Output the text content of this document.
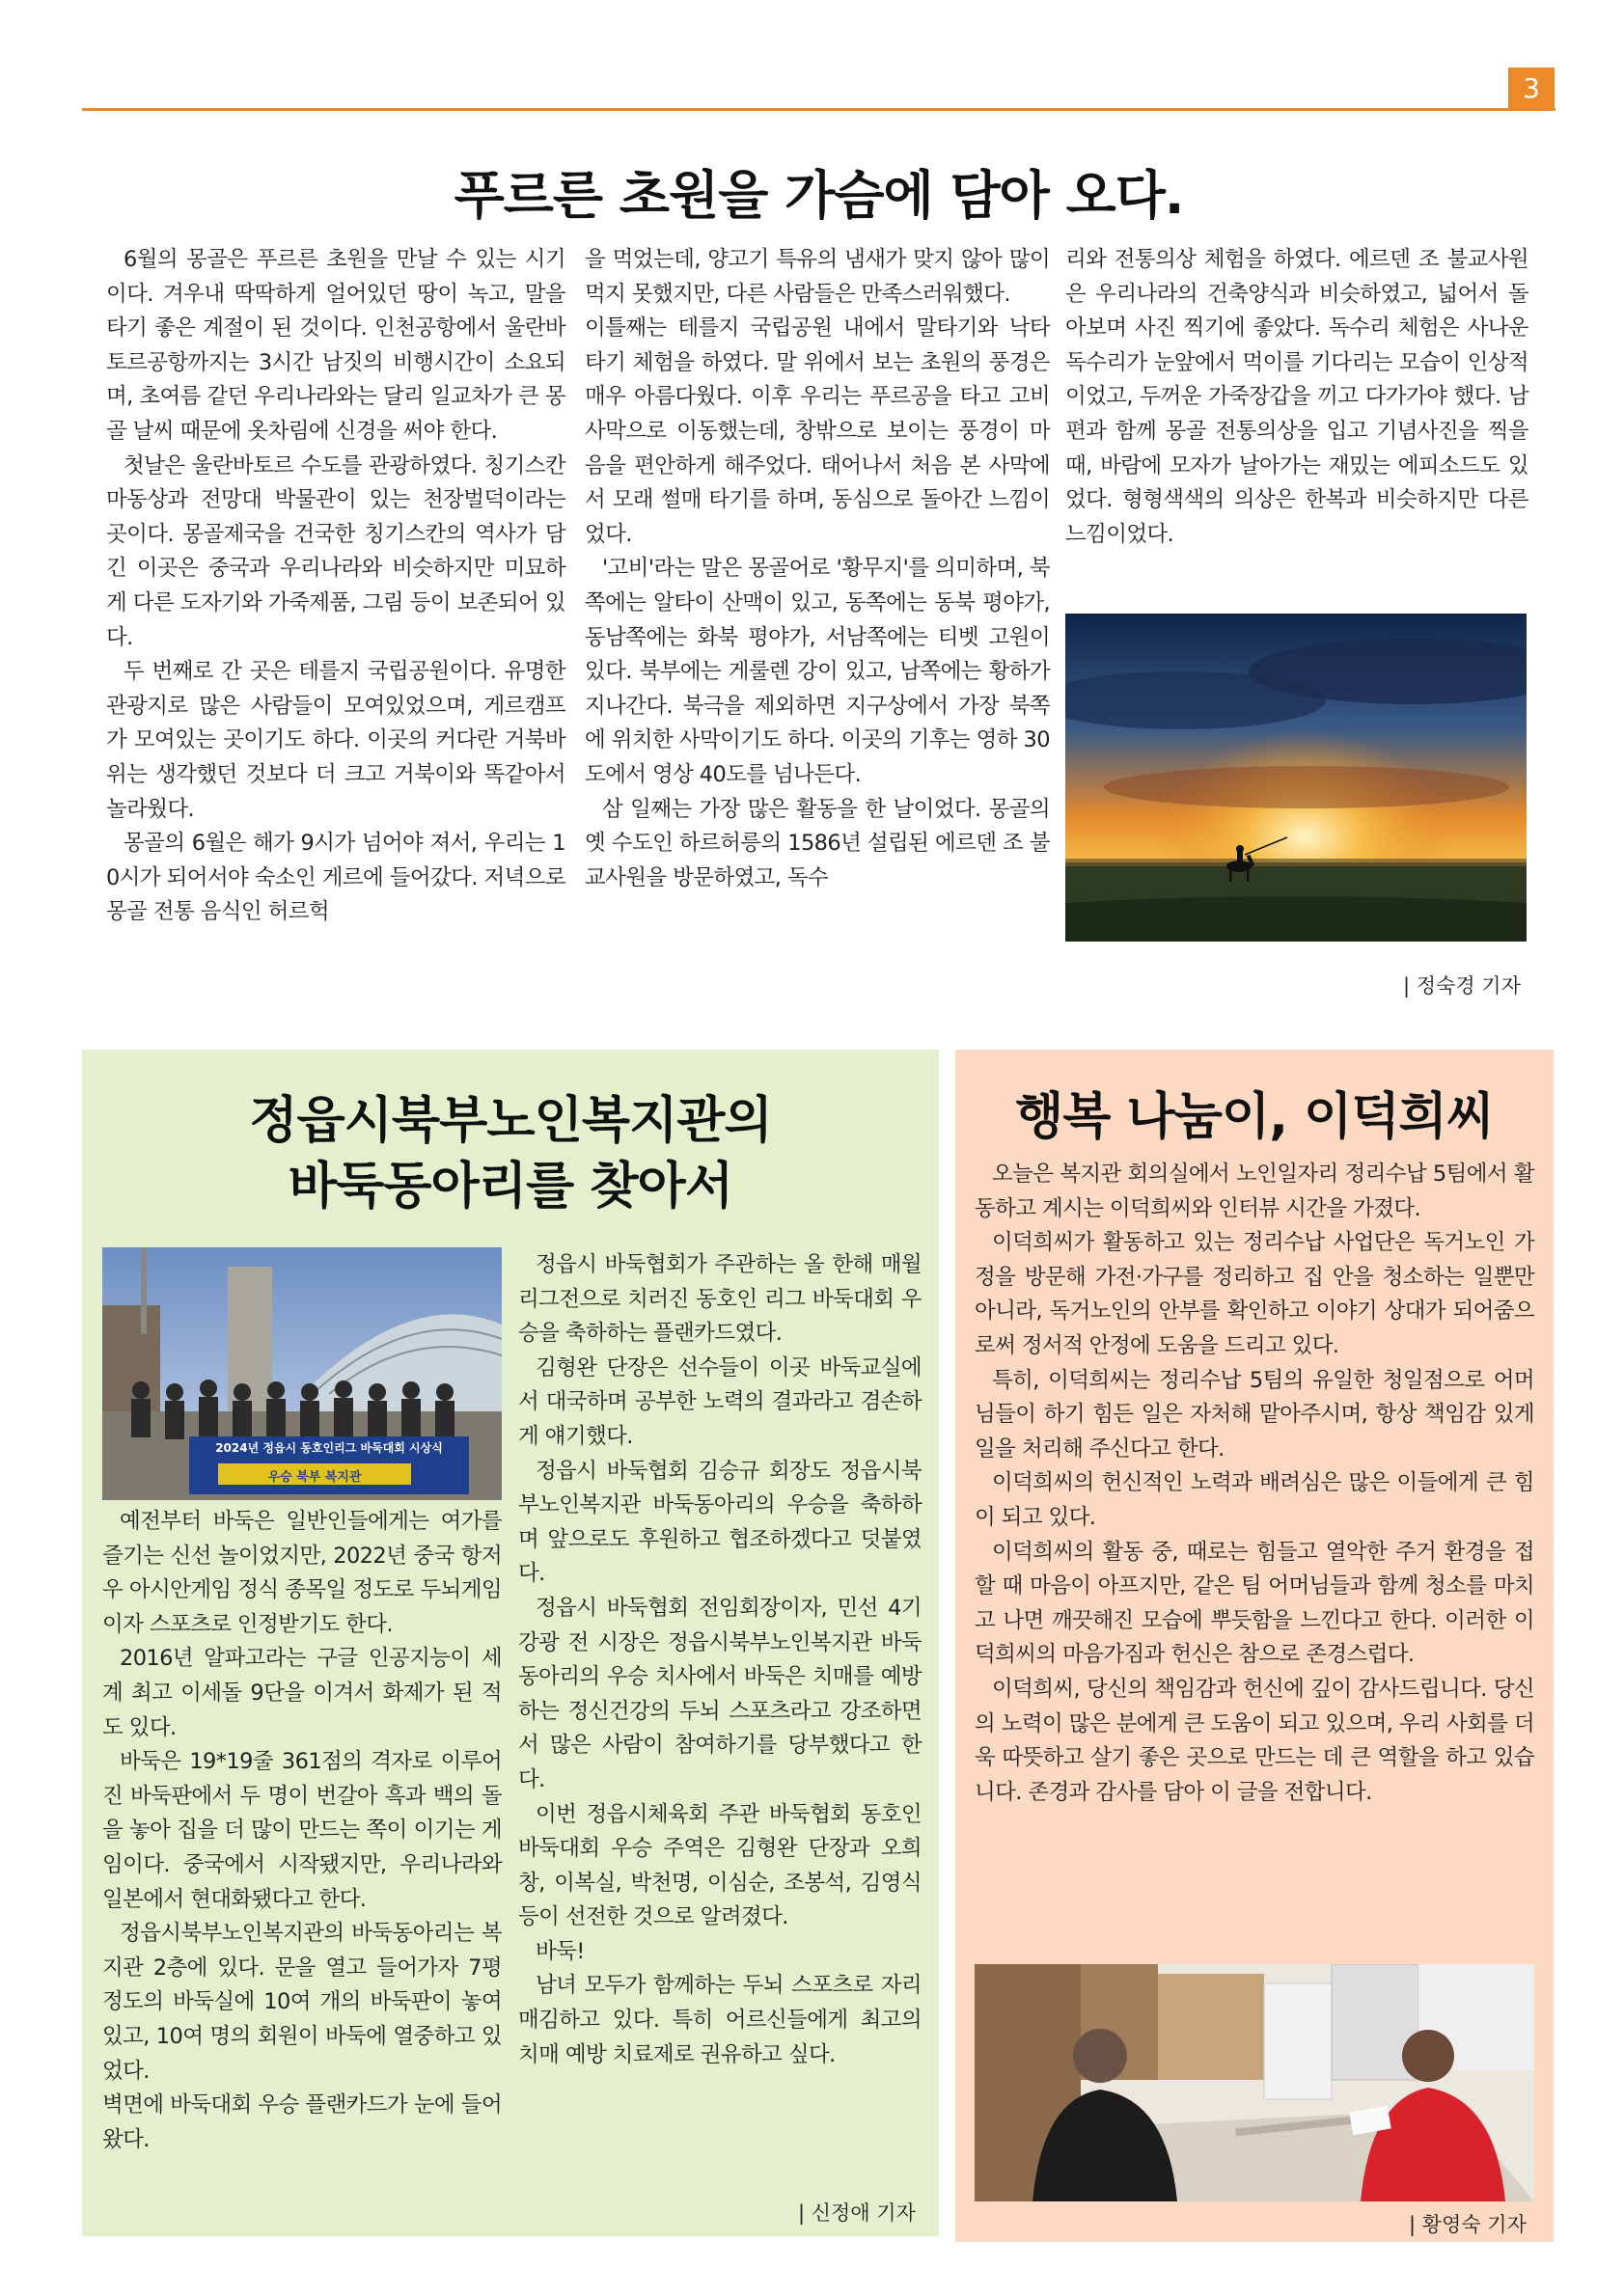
3
푸르른 초원을 가슴에 담아 오다.

6월의 몽골은 푸르른 초원을 만날 수 있는 시기이다. 겨우내 딱딱하게 얼어있던 땅이 녹고, 말을 타기 좋은 계절이 된 것이다. 인천공항에서 울란바토르공항까지는 3시간 남짓의 비행시간이 소요되며, 초여름 같던 우리나라와는 달리 일교차가 큰 몽골 날씨 때문에 옷차림에 신경을 써야 한다.

첫날은 울란바토르 수도를 관광하였다. 칭기스칸 마동상과 전망대 박물관이 있는 천장벌덕이라는 곳이다. 몽골제국을 건국한 칭기스칸의 역사가 담긴 이곳은 중국과 우리나라와 비슷하지만 미묘하게 다른 도자기와 가죽제품, 그림 등이 보존되어 있다.

두 번째로 간 곳은 테를지 국립공원이다. 유명한 관광지로 많은 사람들이 모여있었으며, 게르캠프가 모여있는 곳이기도 하다. 이곳의 커다란 거북바위는 생각했던 것보다 더 크고 거북이와 똑같아서 놀라웠다.

몽골의 6월은 해가 9시가 넘어야 져서, 우리는 10시가 되어서야 숙소인 게르에 들어갔다. 저녁으로 몽골 전통 음식인 허르헉

을 먹었는데, 양고기 특유의 냄새가 맞지 않아 많이 먹지 못했지만, 다른 사람들은 만족스러워했다.

이틀째는 테를지 국립공원 내에서 말타기와 낙타 타기 체험을 하였다. 말 위에서 보는 초원의 풍경은 매우 아름다웠다. 이후 우리는 푸르공을 타고 고비사막으로 이동했는데, 창밖으로 보이는 풍경이 마음을 편안하게 해주었다. 태어나서 처음 본 사막에서 모래 썰매 타기를 하며, 동심으로 돌아간 느낌이었다.

'고비'라는 말은 몽골어로 '황무지'를 의미하며, 북쪽에는 알타이 산맥이 있고, 동쪽에는 동북 평야가, 동남쪽에는 화북 평야가, 서남쪽에는 티벳 고원이 있다. 북부에는 게룰렌 강이 있고, 남쪽에는 황하가 지나간다. 북극을 제외하면 지구상에서 가장 북쪽에 위치한 사막이기도 하다. 이곳의 기후는 영하 30도에서 영상 40도를 넘나든다.

삼 일째는 가장 많은 활동을 한 날이었다. 몽골의 옛 수도인 하르허릉의 1586년 설립된 에르덴 조 불교사원을 방문하였고, 독수

리와 전통의상 체험을 하였다. 에르덴 조 불교사원은 우리나라의 건축양식과 비슷하였고, 넓어서 돌아보며 사진 찍기에 좋았다. 독수리 체험은 사나운 독수리가 눈앞에서 먹이를 기다리는 모습이 인상적이었고, 두꺼운 가죽장갑을 끼고 다가가야 했다. 남편과 함께 몽골 전통의상을 입고 기념사진을 찍을 때, 바람에 모자가 날아가는 재밌는 에피소드도 있었다. 형형색색의 의상은 한복과 비슷하지만 다른 느낌이었다.

| 정숙경 기자
정읍시북부노인복지관의
바둑동아리를 찾아서
2024년 정읍시 동호인리그 바둑대회 시상식
우승 북부 복지관

예전부터 바둑은 일반인들에게는 여가를 즐기는 신선 놀이었지만, 2022년 중국 항저우 아시안게임 정식 종목일 정도로 두뇌게임이자 스포츠로 인정받기도 한다.

2016년 알파고라는 구글 인공지능이 세계 최고 이세돌 9단을 이겨서 화제가 된 적도 있다.

바둑은 19*19줄 361점의 격자로 이루어진 바둑판에서 두 명이 번갈아 흑과 백의 돌을 놓아 집을 더 많이 만드는 쪽이 이기는 게임이다. 중국에서 시작됐지만, 우리나라와 일본에서 현대화됐다고 한다.

정읍시북부노인복지관의 바둑동아리는 복지관 2층에 있다. 문을 열고 들어가자 7평 정도의 바둑실에 10여 개의 바둑판이 놓여있고, 10여 명의 회원이 바둑에 열중하고 있었다.

벽면에 바둑대회 우승 플랜카드가 눈에 들어왔다.

정읍시 바둑협회가 주관하는 올 한해 매월 리그전으로 치러진 동호인 리그 바둑대회 우승을 축하하는 플랜카드였다.

김형완 단장은 선수들이 이곳 바둑교실에서 대국하며 공부한 노력의 결과라고 겸손하게 얘기했다.

정읍시 바둑협회 김승규 회장도 정읍시북부노인복지관 바둑동아리의 우승을 축하하며 앞으로도 후원하고 협조하겠다고 덧붙였다.

정읍시 바둑협회 전임회장이자, 민선 4기 강광 전 시장은 정읍시북부노인복지관 바둑동아리의 우승 치사에서 바둑은 치매를 예방하는 정신건강의 두뇌 스포츠라고 강조하면서 많은 사람이 참여하기를 당부했다고 한다.

이번 정읍시체육회 주관 바둑협회 동호인바둑대회 우승 주역은 김형완 단장과 오희창, 이복실, 박천명, 이심순, 조봉석, 김영식 등이 선전한 것으로 알려졌다.

바둑!

남녀 모두가 함께하는 두뇌 스포츠로 자리매김하고 있다. 특히 어르신들에게 최고의 치매 예방 치료제로 권유하고 싶다.

| 신정애 기자
행복 나눔이, 이덕희씨

오늘은 복지관 회의실에서 노인일자리 정리수납 5팀에서 활동하고 계시는 이덕희씨와 인터뷰 시간을 가졌다.

이덕희씨가 활동하고 있는 정리수납 사업단은 독거노인 가정을 방문해 가전·가구를 정리하고 집 안을 청소하는 일뿐만 아니라, 독거노인의 안부를 확인하고 이야기 상대가 되어줌으로써 정서적 안정에 도움을 드리고 있다.

특히, 이덕희씨는 정리수납 5팀의 유일한 청일점으로 어머님들이 하기 힘든 일은 자처해 맡아주시며, 항상 책임감 있게 일을 처리해 주신다고 한다.

이덕희씨의 헌신적인 노력과 배려심은 많은 이들에게 큰 힘이 되고 있다.

이덕희씨의 활동 중, 때로는 힘들고 열악한 주거 환경을 접할 때 마음이 아프지만, 같은 팀 어머님들과 함께 청소를 마치고 나면 깨끗해진 모습에 뿌듯함을 느낀다고 한다. 이러한 이덕희씨의 마음가짐과 헌신은 참으로 존경스럽다.

이덕희씨, 당신의 책임감과 헌신에 깊이 감사드립니다. 당신의 노력이 많은 분에게 큰 도움이 되고 있으며, 우리 사회를 더욱 따뜻하고 살기 좋은 곳으로 만드는 데 큰 역할을 하고 있습니다. 존경과 감사를 담아 이 글을 전합니다.

| 황영숙 기자
